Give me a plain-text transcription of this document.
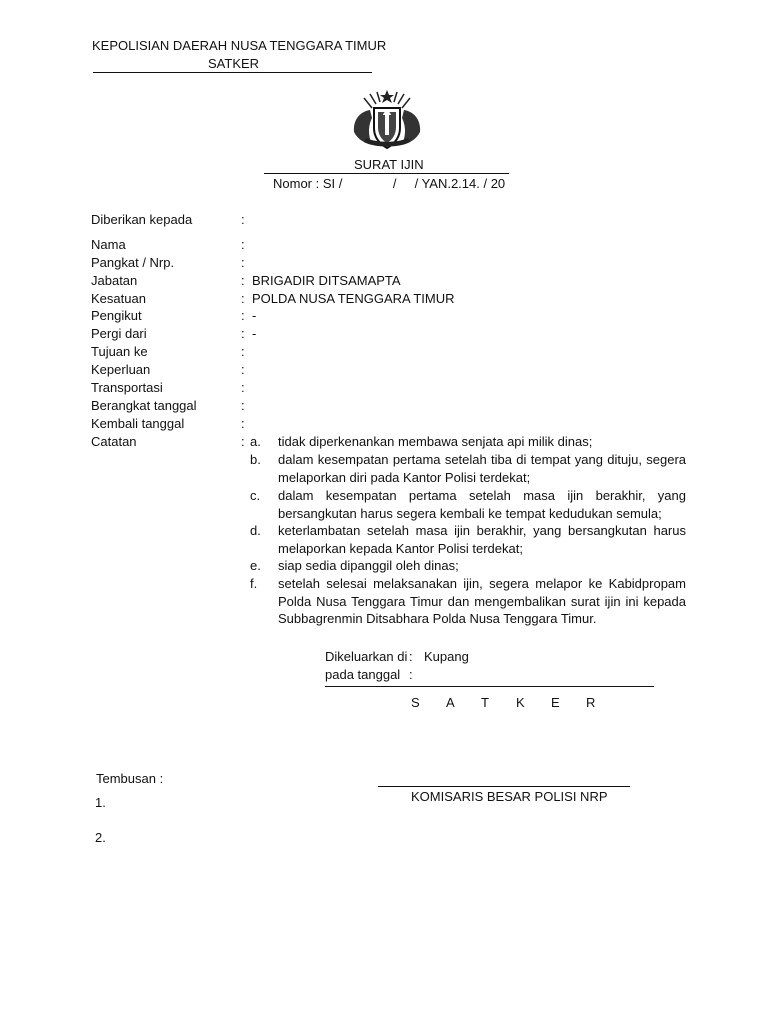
KEPOLISIAN DAERAH NUSA TENGGARA TIMUR
SATKER
SURAT IJIN
Nomor : SI /              /     / YAN.2.14. / 20
Diberikan kepada	:
Nama	:
Pangkat / Nrp.	:
Jabatan	: BRIGADIR DITSAMAPTA
Kesatuan	: POLDA NUSA TENGGARA TIMUR
Pengikut	: -
Pergi dari	: -
Tujuan ke	:
Keperluan	:
Transportasi	:
Berangkat tanggal	:
Kembali tanggal	:
Catatan	: a. tidak diperkenankan membawa senjata api milik dinas;
b. dalam kesempatan pertama setelah tiba di tempat yang dituju, segera melaporkan diri pada Kantor Polisi terdekat;
c. dalam kesempatan pertama setelah masa ijin berakhir, yang bersangkutan harus segera kembali ke tempat kedudukan semula;
d. keterlambatan setelah masa ijin berakhir, yang bersangkutan harus melaporkan kepada Kantor Polisi terdekat;
e. siap sedia dipanggil oleh dinas;
f. setelah selesai melaksanakan ijin, segera melapor ke Kabidpropam Polda Nusa Tenggara Timur dan mengembalikan surat ijin ini kepada Subbagrenmin Ditsabhara Polda Nusa Tenggara Timur.
Dikeluarkan di : Kupang
pada tanggal :
S A T K E R
KOMISARIS BESAR POLISI NRP
Tembusan :
1.
2.
